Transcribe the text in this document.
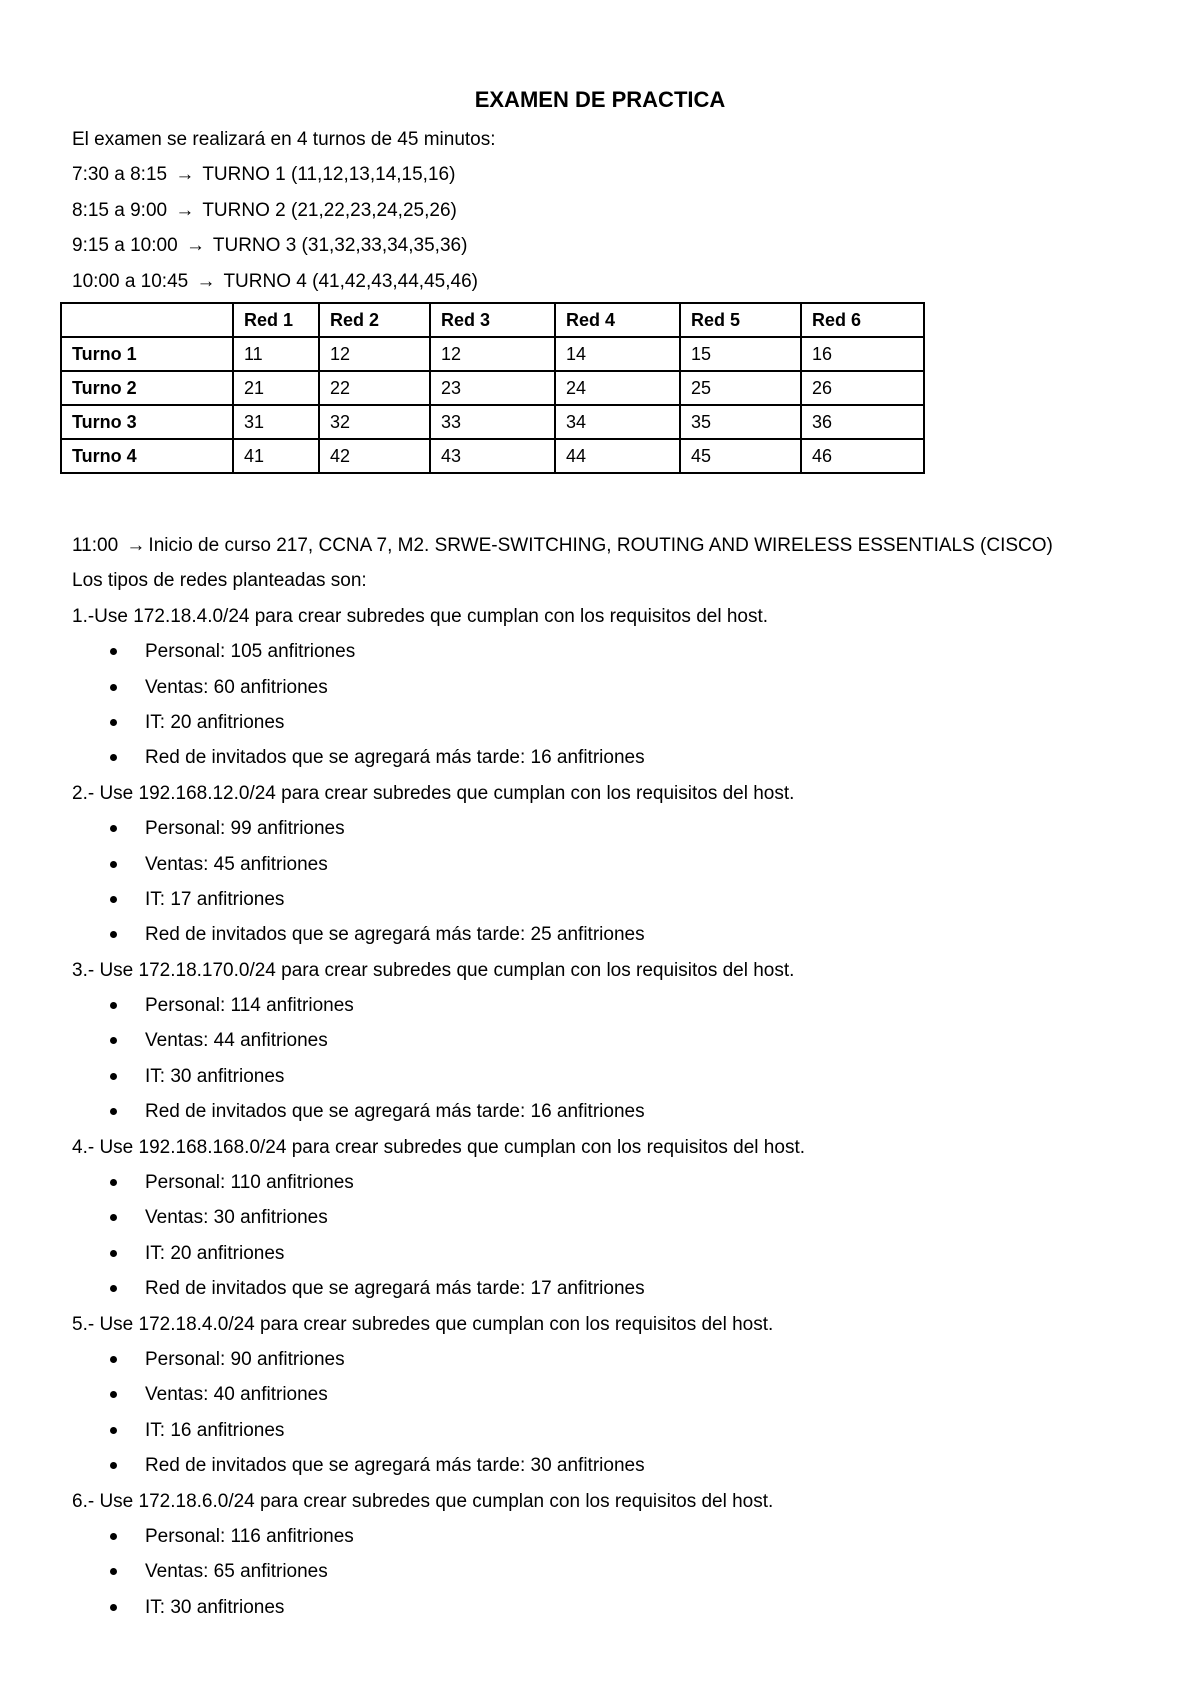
EXAMEN DE PRACTICA
El examen se realizará en 4 turnos de 45 minutos:
7:30 a 8:15 → TURNO 1 (11,12,13,14,15,16)
8:15 a 9:00 → TURNO 2 (21,22,23,24,25,26)
9:15 a 10:00 → TURNO 3 (31,32,33,34,35,36)
10:00 a 10:45 → TURNO 4 (41,42,43,44,45,46)
	Red 1	Red 2	Red 3	Red 4	Red 5	Red 6
Turno 1	11	12	12	14	15	16
Turno 2	21	22	23	24	25	26
Turno 3	31	32	33	34	35	36
Turno 4	41	42	43	44	45	46
11:00 → Inicio de curso 217, CCNA 7, M2. SRWE-SWITCHING, ROUTING AND WIRELESS ESSENTIALS (CISCO)
Los tipos de redes planteadas son:
1.-Use 172.18.4.0/24 para crear subredes que cumplan con los requisitos del host.
Personal: 105 anfitriones
Ventas: 60 anfitriones
IT: 20 anfitriones
Red de invitados que se agregará más tarde: 16 anfitriones
2.- Use 192.168.12.0/24 para crear subredes que cumplan con los requisitos del host.
Personal: 99 anfitriones
Ventas: 45 anfitriones
IT: 17 anfitriones
Red de invitados que se agregará más tarde: 25 anfitriones
3.- Use 172.18.170.0/24 para crear subredes que cumplan con los requisitos del host.
Personal: 114 anfitriones
Ventas: 44 anfitriones
IT: 30 anfitriones
Red de invitados que se agregará más tarde: 16 anfitriones
4.- Use 192.168.168.0/24 para crear subredes que cumplan con los requisitos del host.
Personal: 110 anfitriones
Ventas: 30 anfitriones
IT: 20 anfitriones
Red de invitados que se agregará más tarde: 17 anfitriones
5.- Use 172.18.4.0/24 para crear subredes que cumplan con los requisitos del host.
Personal: 90 anfitriones
Ventas: 40 anfitriones
IT: 16 anfitriones
Red de invitados que se agregará más tarde: 30 anfitriones
6.- Use 172.18.6.0/24 para crear subredes que cumplan con los requisitos del host.
Personal: 116 anfitriones
Ventas: 65 anfitriones
IT: 30 anfitriones
